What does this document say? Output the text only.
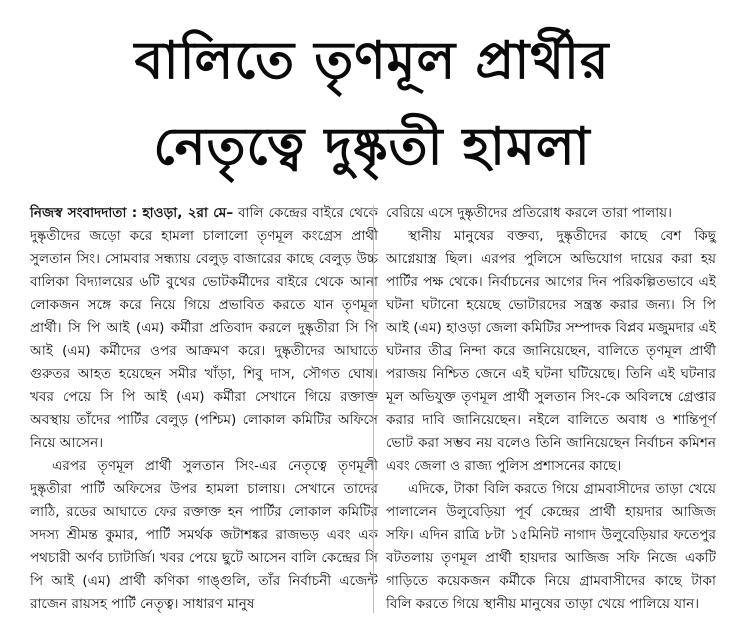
বালিতে তৃণমূল প্রার্থীর
নেতৃত্বে দুষ্কৃতী হামলা

নিজস্ব সংবাদদাতা : হাওড়া, ২রা মে– বালি কেন্দ্রের বাইরে থেকে দুষ্কৃতীদের জড়ো করে হামলা চালালো তৃণমূল কংগ্রেস প্রার্থী সুলতান সিং। সোমবার সন্ধ্যায় বেলুড় বাজারের কাছে বেলুড় উচ্চ বালিকা বিদ্যালয়ের ৬টি বুথের ভোটকর্মীদের বাইরে থেকে আনা লোকজন সঙ্গে করে নিয়ে গিয়ে প্রভাবিত করতে যান তৃণমূল প্রার্থী। সি পি আই (এম) কর্মীরা প্রতিবাদ করলে দুষ্কৃতীরা সি পি আই (এম) কর্মীদের ওপর আক্রমণ করে। দুষ্কৃতীদের আঘাতে গুরুতর আহত হয়েছেন সমীর খাঁড়া, শিবু দাস, সৌগত ঘোষ। খবর পেয়ে সি পি আই (এম) কর্মীরা সেখানে গিয়ে রক্তাক্ত অবস্থায় তাঁদের পার্টির বেলুড় (পশ্চিম) লোকাল কমিটির অফিসে নিয়ে আসেন।

এরপর তৃণমূল প্রার্থী সুলতান সিং-এর নেতৃত্বে তৃণমূলী দুষ্কৃতীরা পার্টি অফিসের উপর হামলা চালায়। সেখানে তাদের লাঠি, রডের আঘাতে ফের রক্তাক্ত হন পার্টির লোকাল কমিটির সদস্য শ্রীমন্ত কুমার, পার্টি সমর্থক জটাশঙ্কর রাজভড় এবং এক পথচারী অর্ণব চ্যাটার্জি। খবর পেয়ে ছুটে আসেন বালি কেন্দ্রের সি পি আই (এম) প্রার্থী কণিকা গাঙ্গুলি, তাঁর নির্বাচনী এজেন্ট রাজেন রায়সহ পার্টি নেতৃত্ব। সাধারণ মানুষ

বেরিয়ে এসে দুষ্কৃতীদের প্রতিরোধ করলে তারা পালায়।

স্থানীয় মানুষের বক্তব্য, দুষ্কৃতীদের কাছে বেশ কিছু আগ্নেয়াস্ত্র ছিল। এরপর পুলিসে অভিযোগ দায়ের করা হয় পার্টির পক্ষ থেকে। নির্বাচনের আগের দিন পরিকল্পিতভাবে এই ঘটনা ঘটানো হয়েছে ভোটারদের সন্ত্রস্ত করার জন্য। সি পি আই (এম) হাওড়া জেলা কমিটির সম্পাদক বিপ্লব মজুমদার এই ঘটনার তীব্র নিন্দা করে জানিয়েছেন, বালিতে তৃণমূল প্রার্থী পরাজয় নিশ্চিত জেনে এই ঘটনা ঘটিয়েছে। তিনি এই ঘটনার মূল অভিযুক্ত তৃণমূল প্রার্থী সুলতান সিং-কে অবিলম্বে গ্রেপ্তার করার দাবি জানিয়েছেন। নইলে বালিতে অবাধ ও শান্তিপূর্ণ ভোট করা সম্ভব নয় বলেও তিনি জানিয়েছেন নির্বাচন কমিশন এবং জেলা ও রাজ্য পুলিস প্রশাসনের কাছে।

এদিকে, টাকা বিলি করতে গিয়ে গ্রামবাসীদের তাড়া খেয়ে পালালেন উলুবেড়িয়া পূর্ব কেন্দ্রের প্রার্থী হায়দার আজিজ সফি। এদিন রাত্রি ৮টা ১৫মিনিট নাগাদ উলুবেড়িয়ার ফতেপুর বটতলায় তৃণমূল প্রার্থী হায়দার আজিজ সফি নিজে একটি গাড়িতে কয়েকজন কর্মীকে নিয়ে গ্রামবাসীদের কাছে টাকা বিলি করতে গিয়ে স্থানীয় মানুষের তাড়া খেয়ে পালিয়ে যান।
